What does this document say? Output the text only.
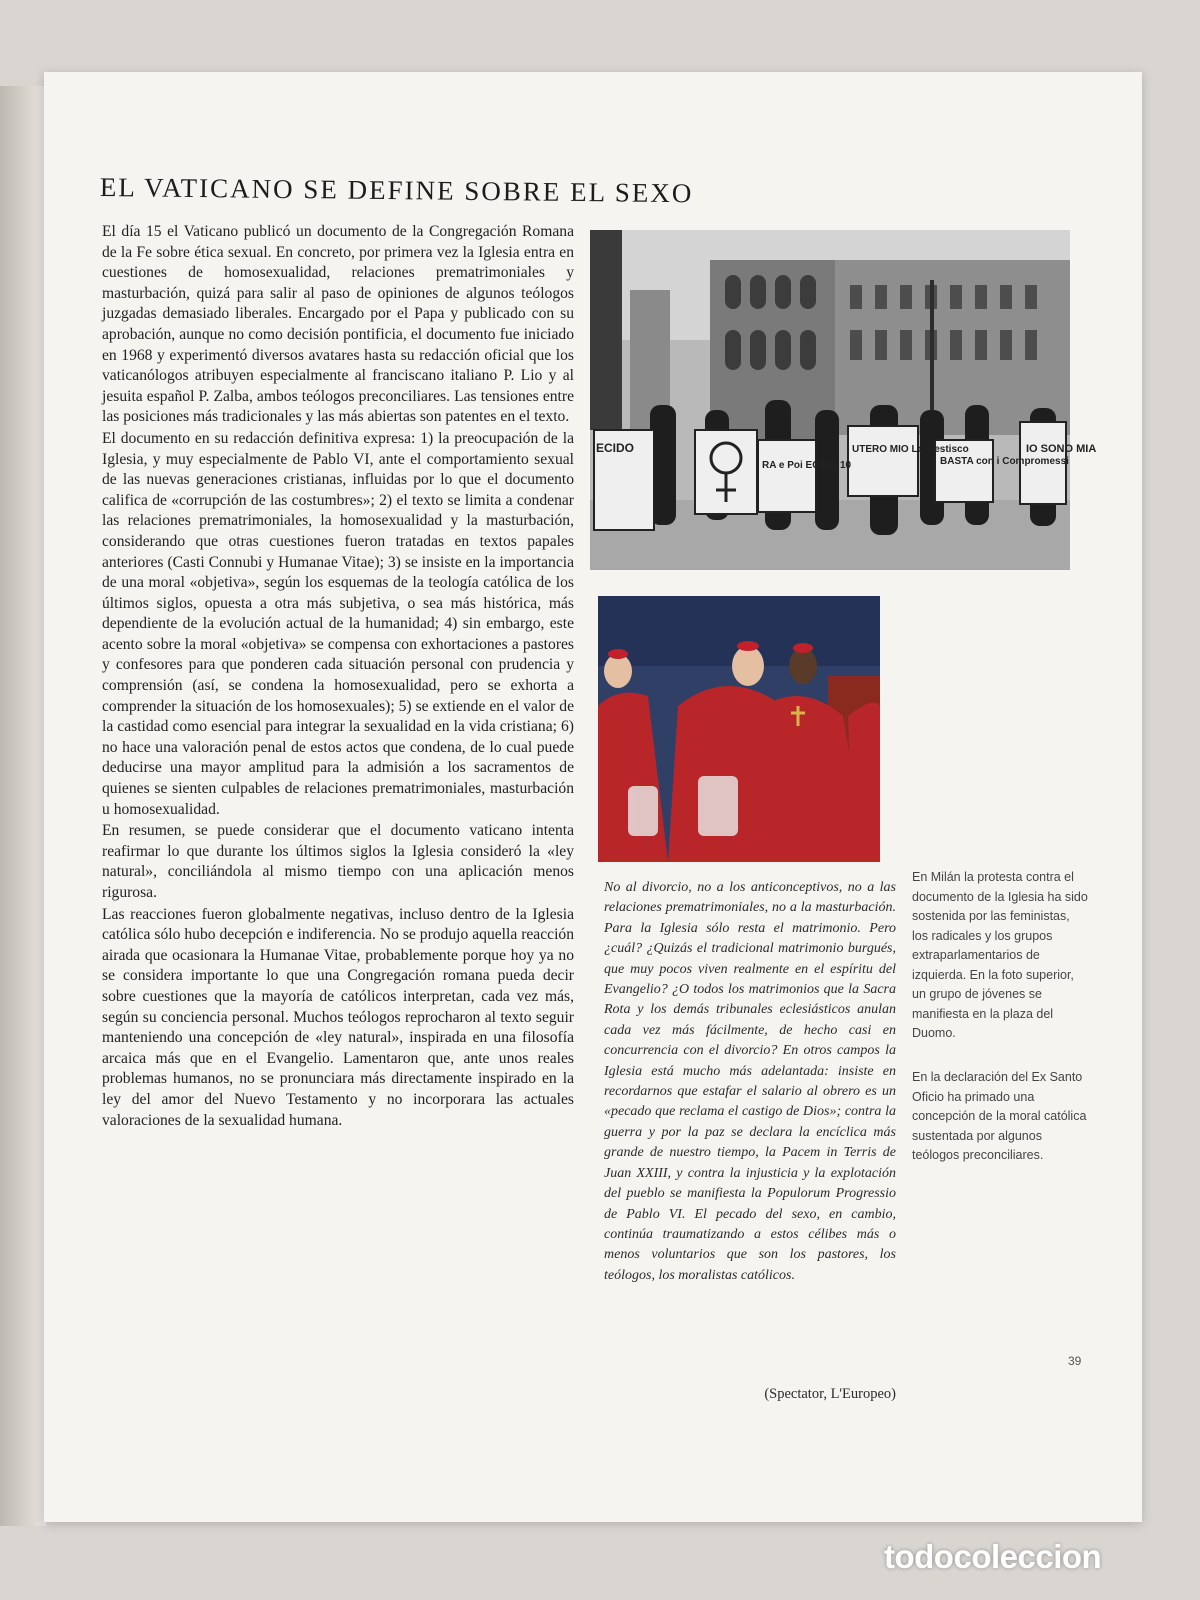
EL VATICANO SE DEFINE SOBRE EL SEXO

El día 15 el Vaticano publicó un documento de la Congregación Romana de la Fe sobre ética sexual. En concreto, por primera vez la Iglesia entra en cuestiones de homosexualidad, relaciones prematrimoniales y masturbación, quizá para salir al paso de opiniones de algunos teólogos juzgadas demasiado liberales. Encargado por el Papa y publicado con su aprobación, aunque no como decisión pontificia, el documento fue iniciado en 1968 y experimentó diversos avatares hasta su redacción oficial que los vaticanólogos atribuyen especialmente al franciscano italiano P. Lio y al jesuita español P. Zalba, ambos teólogos preconciliares. Las tensiones entre las posiciones más tradicionales y las más abiertas son patentes en el texto.

El documento en su redacción definitiva expresa: 1) la preocupación de la Iglesia, y muy especialmente de Pablo VI, ante el comportamiento sexual de las nuevas generaciones cristianas, influidas por lo que el documento califica de «corrupción de las costumbres»; 2) el texto se limita a condenar las relaciones prematrimoniales, la homosexualidad y la masturbación, considerando que otras cuestiones fueron tratadas en textos papales anteriores (Casti Connubi y Humanae Vitae); 3) se insiste en la importancia de una moral «objetiva», según los esquemas de la teología católica de los últimos siglos, opuesta a otra más subjetiva, o sea más histórica, más dependiente de la evolución actual de la humanidad; 4) sin embargo, este acento sobre la moral «objetiva» se compensa con exhortaciones a pastores y confesores para que ponderen cada situación personal con prudencia y comprensión (así, se condena la homosexualidad, pero se exhorta a comprender la situación de los homosexuales); 5) se extiende en el valor de la castidad como esencial para integrar la sexualidad en la vida cristiana; 6) no hace una valoración penal de estos actos que condena, de lo cual puede deducirse una mayor amplitud para la admisión a los sacramentos de quienes se sienten culpables de relaciones prematrimoniales, masturbación u homosexualidad.

En resumen, se puede considerar que el documento vaticano intenta reafirmar lo que durante los últimos siglos la Iglesia consideró la «ley natural», conciliándola al mismo tiempo con una aplicación menos rigurosa.

Las reacciones fueron globalmente negativas, incluso dentro de la Iglesia católica sólo hubo decepción e indiferencia. No se produjo aquella reacción airada que ocasionara la Humanae Vitae, probablemente porque hoy ya no se considera importante lo que una Congregación romana pueda decir sobre cuestiones que la mayoría de católicos interpretan, cada vez más, según su conciencia personal. Muchos teólogos reprocharon al texto seguir manteniendo una concepción de «ley natural», inspirada en una filosofía arcaica más que en el Evangelio. Lamentaron que, ante unos reales problemas humanos, no se pronunciara más directamente inspirado en la ley del amor del Nuevo Testamento y no incorporara las actuales valoraciones de la sexualidad humana.

ECIDO	UTERO MIO Lo Gestisco
BASTA con i Compromessi
IO SONO MIA
RA e Poi ECIDO 10
No al divorcio, no a los anticonceptivos, no a las relaciones prematrimoniales, no a la masturbación. Para la Iglesia sólo resta el matrimonio. Pero ¿cuál? ¿Quizás el tradicional matrimonio burgués, que muy pocos viven realmente en el espíritu del Evangelio? ¿O todos los matrimonios que la Sacra Rota y los demás tribunales eclesiásticos anulan cada vez más fácilmente, de hecho casi en concurrencia con el divorcio? En otros campos la Iglesia está mucho más adelantada: insiste en recordarnos que estafar el salario al obrero es un «pecado que reclama el castigo de Dios»; contra la guerra y por la paz se declara la encíclica más grande de nuestro tiempo, la Pacem in Terris de Juan XXIII, y contra la injusticia y la explotación del pueblo se manifiesta la Populorum Progressio de Pablo VI. El pecado del sexo, en cambio, continúa traumatizando a estos célibes más o menos voluntarios que son los pastores, los teólogos, los moralistas católicos.
(Spectator, L'Europeo)
En Milán la protesta contra el documento de la Iglesia ha sido sostenida por las feministas, los radicales y los grupos extraparlamentarios de izquierda. En la foto superior, un grupo de jóvenes se manifiesta en la plaza del Duomo.
En la declaración del Ex Santo Oficio ha primado una concepción de la moral católica sustentada por algunos teólogos preconciliares.
39
todocoleccion
